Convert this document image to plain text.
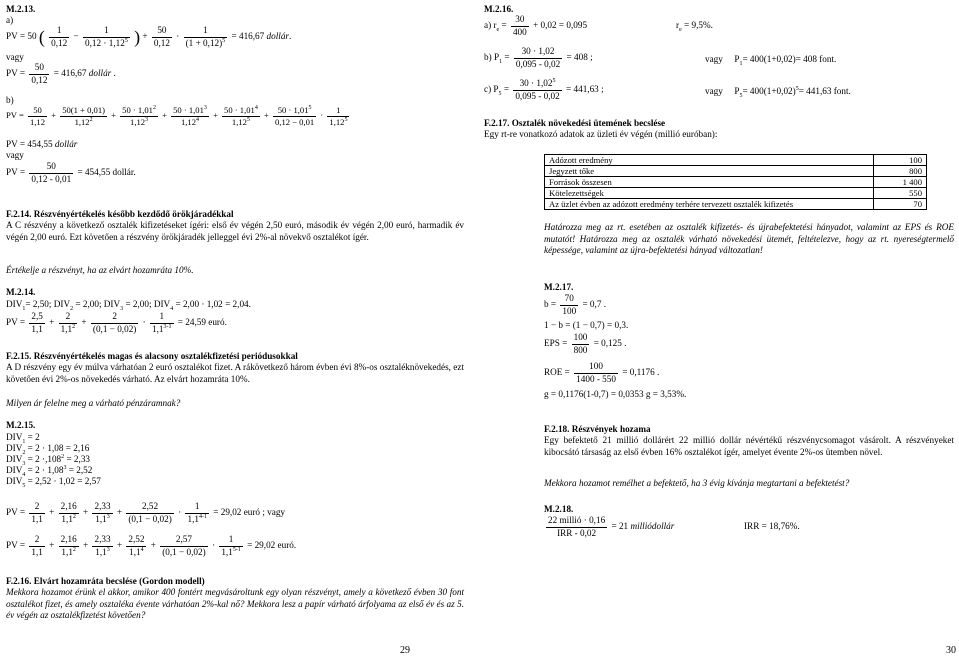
M.2.13.
a)
PV = 50 ( $\frac{1}{0,12} - \frac{1}{0,12 \cdot 1,12^5}$ ) + $\frac{50}{0,12} \cdot \frac{1}{(1 + 0,12)^5} = 416,67$ dollár.
vagy
PV = $\frac{50}{0,12} = 416,67$ dollár .
b)
PV = $\frac{50}{1,12} + \frac{50(1 + 0,01)}{1,12^2} + \frac{50 \cdot 1,01^2}{1,12^3} + \frac{50 \cdot 1,01^3}{1,12^4} + \frac{50 \cdot 1,01^4}{1,12^5} + \frac{50 \cdot 1,01^5}{0,12 - 0,01} \cdot \frac{1}{1,12^5}$
PV = 454,55 dollár
vagy
PV = $\frac{50}{0,12 - 0,01} = 454,55$ dollár.
F.2.14. Részvényértékelés később kezdődő örökjáradékkal
A C részvény a következő osztalék kifizetéseket ígéri: első év végén 2,50 euró, második év végén 2,00 euró, harmadik év végén 2,00 euró. Ezt követően a részvény örökjáradék jelleggel évi 2%-al növekvő osztalékot ígér.
Értékelje a részvényt, ha az elvárt hozamráta 10%.
M.2.14.
$DIV_1= 2,50$; $DIV_2 = 2,00$; $DIV_3 = 2,00$; $DIV_4 = 2,00 \cdot 1,02 = 2,04$.
PV = $\frac{2,5}{1,1} + \frac{2}{1,1^2} + \frac{2}{(0,1 - 0,02)} \cdot \frac{1}{1,1^{3-1}} = 24,59$ euró.
F.2.15. Részvényértékelés magas és alacsony osztalékfizetési periódusokkal
A D részvény egy év múlva várhatóan 2 euró osztalékot fizet. A rákövetkező három évben évi 8%-os osztaléknövekedés, ezt követően évi 2%-os növekedés várható. Az elvárt hozamráta 10%.
Milyen ár felelne meg a várható pénzáramnak?
M.2.15.
$DIV_1 = 2$
$DIV_2 = 2 \cdot 1,08 = 2,16$
$DIV_3 = 2 \cdot,108^2 = 2,33$
$DIV_4 = 2 \cdot 1,08^3 = 2,52$
$DIV_5 = 2,52 \cdot 1,02 = 2,57$
PV = $\frac{2}{1,1} + \frac{2,16}{1,1^2} + \frac{2,33}{1,1^3} + \frac{2,52}{(0,1 - 0,02)} \cdot \frac{1}{1,1^{4-1}} = 29,02$ euró ; vagy
PV = $\frac{2}{1,1} + \frac{2,16}{1,1^2} + \frac{2,33}{1,1^3} + \frac{2,52}{1,1^4} + \frac{2,57}{(0,1 - 0,02)} \cdot \frac{1}{1,1^{5-1}} = 29,02$ euró.
F.2.16. Elvárt hozamráta becslése (Gordon modell)
Mekkora hozamot érünk el akkor, amikor 400 fontért megvásároltunk egy olyan részvényt, amely a következő évben 30 font osztalékot fizet, és amely osztaléka évente várhatóan 2%-kal nő? Mekkora lesz a papír várható árfolyama az első év és az 5. év végén az osztalékfizetést követően?
29
M.2.16.
a) $r_e = \frac{30}{400} + 0,02 = 0,095$	$r_e = 9,5\%$.
b) $P_1 = \frac{30 \cdot 1,02}{0,095 - 0,02} = 408$ ;	vagy     $P_1= 400(1+0,02)= 408$ font.
c) $P_5 = \frac{30 \cdot 1,02^5}{0,095 - 0,02} = 441,63$ ;	vagy     $P_5= 400(1+0,02)^5= 441,63$ font.
F.2.17. Osztalék növekedési ütemének becslése
Egy rt-re vonatkozó adatok az üzleti év végén (millió euróban):
Adózott eredmény	100
Jegyzett tőke	800
Források összesen	1 400
Kötelezettségek	550
Az üzlet évben az adózott eredmény terhére tervezett osztalék kifizetés	70
Határozza meg az rt. esetében az osztalék kifizetés- és újrabefektetési hányadot, valamint az EPS és ROE mutatót! Határozza meg az osztalék várható növekedési ütemét, feltételezve, hogy az rt. nyereségtermelő képessége, valamint az újra-befektetési hányad változatlan!
M.2.17.
$b = \frac{70}{100} = 0,7$ .
1 − b = (1 − 0,7) = 0,3.
EPS = $\frac{100}{800} = 0,125$ .
ROE = $\frac{100}{1400 - 550} = 0,1176$ .
g = 0,1176(1-0,7) = 0,0353 g = 3,53%.
F.2.18. Részvények hozama
Egy befektető 21 millió dollárért 22 millió dollár névértékű részvénycsomagot vásárolt. A részvényeket kibocsátó társaság az első évben 16% osztalékot ígér, amelyet évente 2%-os ütemben növel.
Mekkora hozamot remélhet a befektető, ha 3 évig kívánja megtartani a befektetést?
M.2.18.
$\frac{\text{22 millió · 0,16}}{\text{IRR - 0,02}} = 21$ milliódollár	IRR = 18,76%.
30
